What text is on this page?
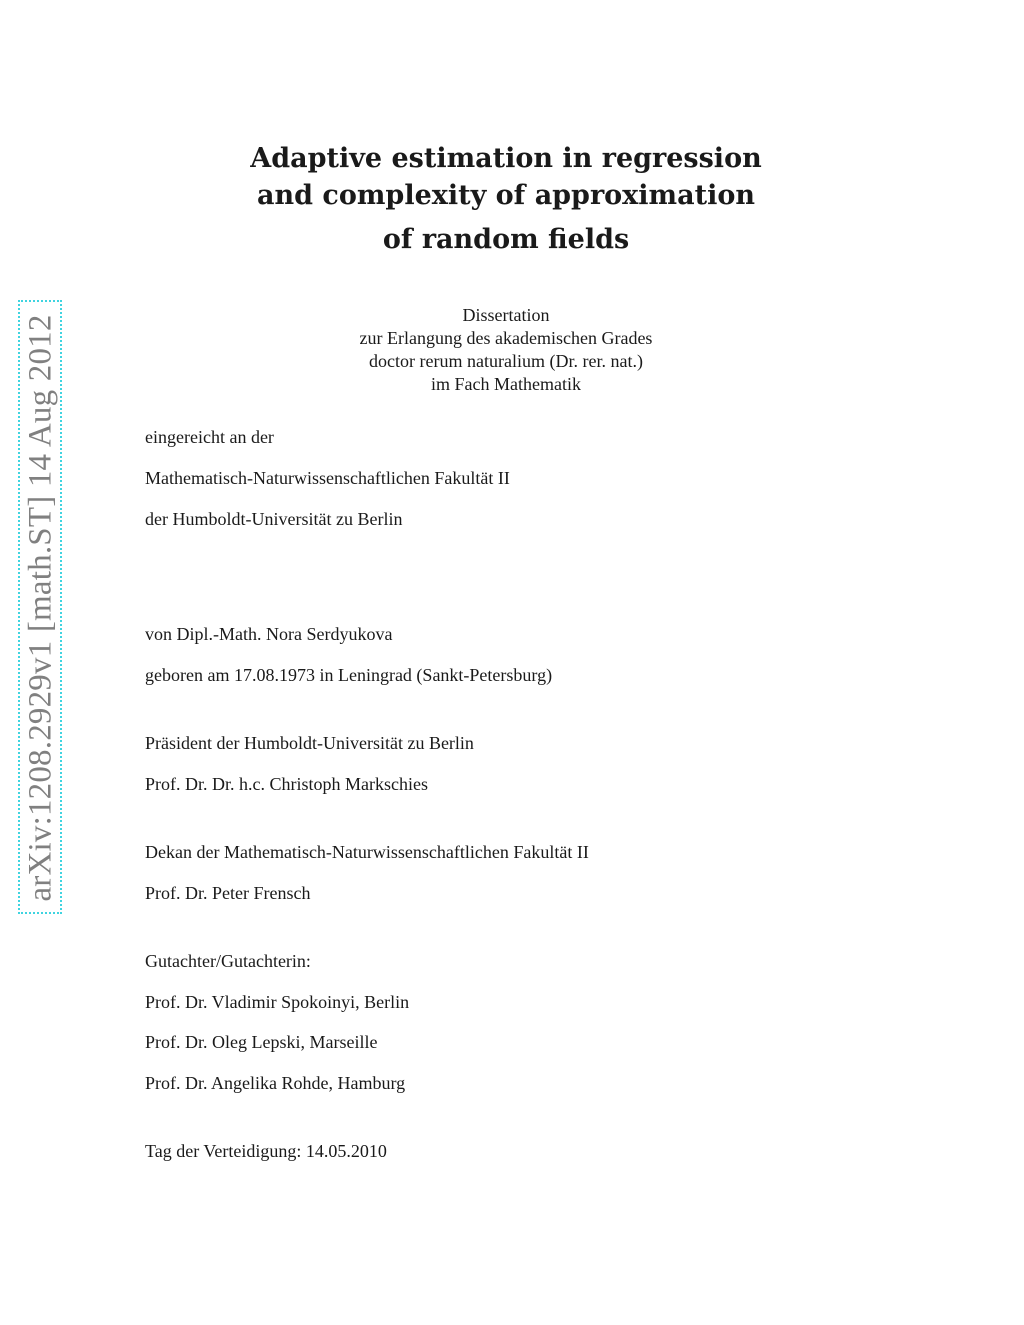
arXiv:1208.2929v1 [math.ST] 14 Aug 2012
Adaptive estimation in regression
and complexity of approximation
of random fields
Dissertation
zur Erlangung des akademischen Grades
doctor rerum naturalium (Dr. rer. nat.)
im Fach Mathematik
eingereicht an der
Mathematisch-Naturwissenschaftlichen Fakultät II
der Humboldt-Universität zu Berlin
von Dipl.-Math. Nora Serdyukova
geboren am 17.08.1973 in Leningrad (Sankt-Petersburg)
Präsident der Humboldt-Universität zu Berlin
Prof. Dr. Dr. h.c. Christoph Markschies
Dekan der Mathematisch-Naturwissenschaftlichen Fakultät II
Prof. Dr. Peter Frensch
Gutachter/Gutachterin:
Prof. Dr. Vladimir Spokoinyi, Berlin
Prof. Dr. Oleg Lepski, Marseille
Prof. Dr. Angelika Rohde, Hamburg
Tag der Verteidigung: 14.05.2010
